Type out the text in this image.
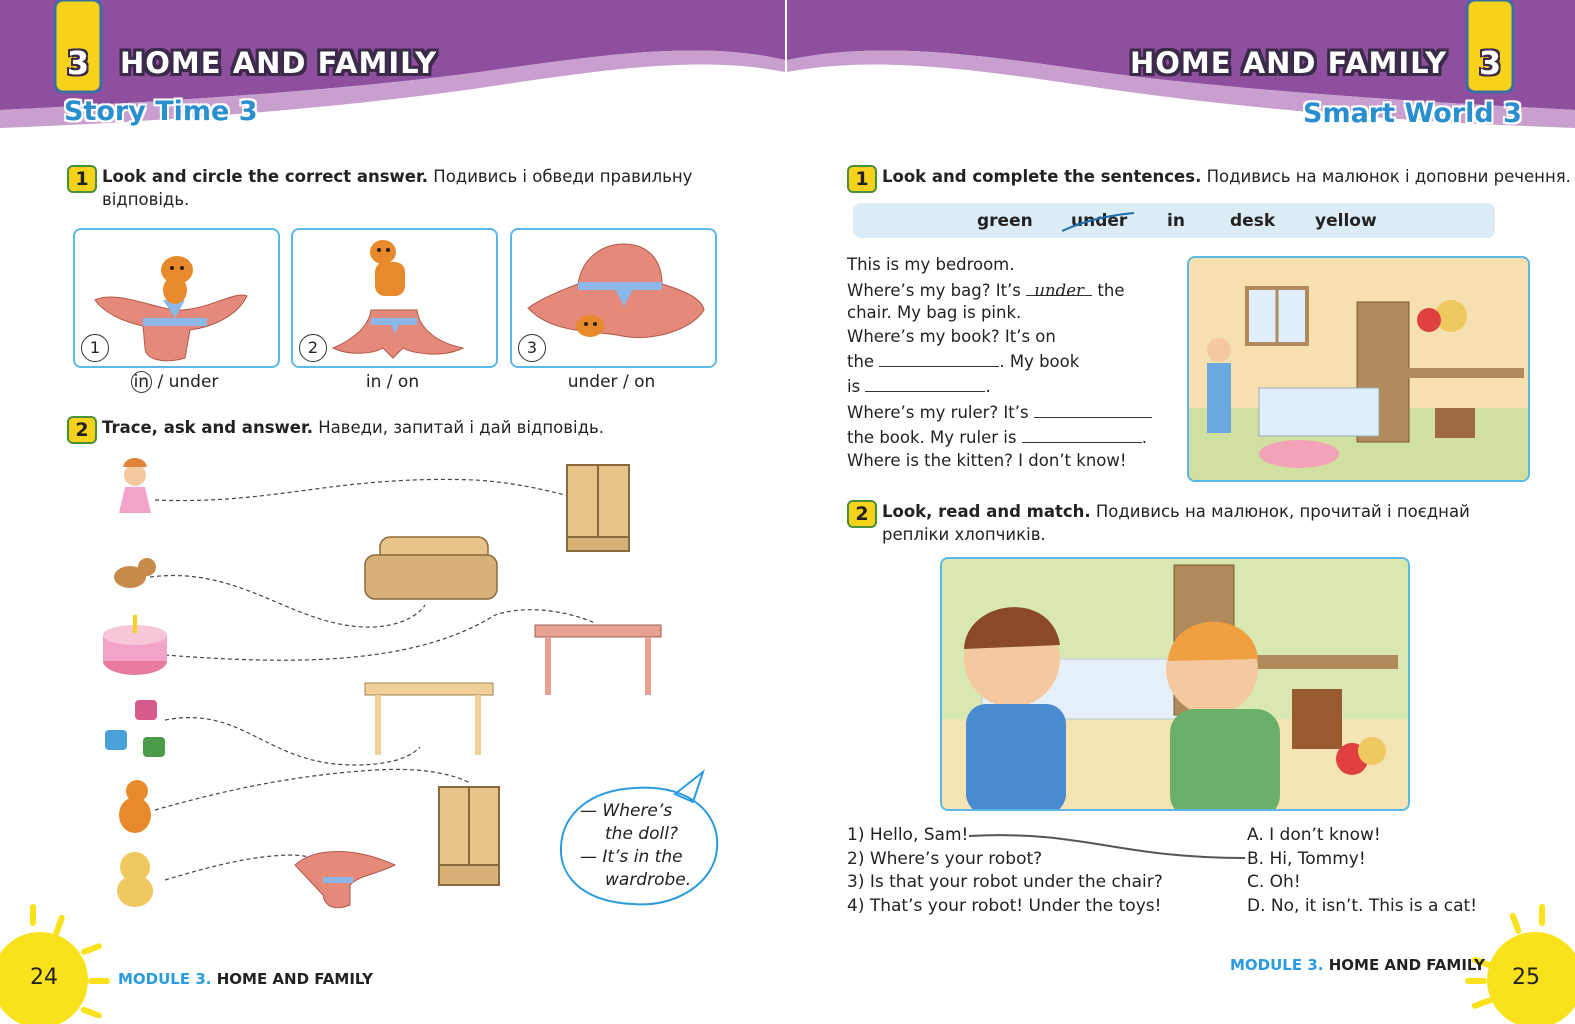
3	HOME AND FAMILY
Story Time 3
3
HOME AND FAMILY
Smart World 3
1 Look and circle the correct answer. Подивись і обведи правильну
відповідь.
1
in / under
2
in / on
3
under / on
2 Trace, ask and answer. Наведи, запитай і дай відповідь.
— Where’s
the doll?
— It’s in the
wardrobe.
1 Look and complete the sentences. Подивись на малюнок і доповни речення.
green under in	desk yellow
This is my bedroom.
Where’s my bag? It’s under the
chair. My bag is pink.
Where’s my book? It’s on
the	. My book
is	.
Where’s my ruler? It’s
the book. My ruler is	.
Where is the kitten? I don’t know!
2 Look, read and match. Подивись на малюнок, прочитай і поєднай
репліки хлопчиків.
1) Hello, Sam!
2) Where’s your robot?
3) Is that your robot under the chair?
4) That’s your robot! Under the toys!
A. I don’t know!
B. Hi, Tommy!
C. Oh!
D. No, it isn’t. This is a cat!
24	MODULE 3. HOME AND FAMILY	25
MODULE 3. HOME AND FAMILY
